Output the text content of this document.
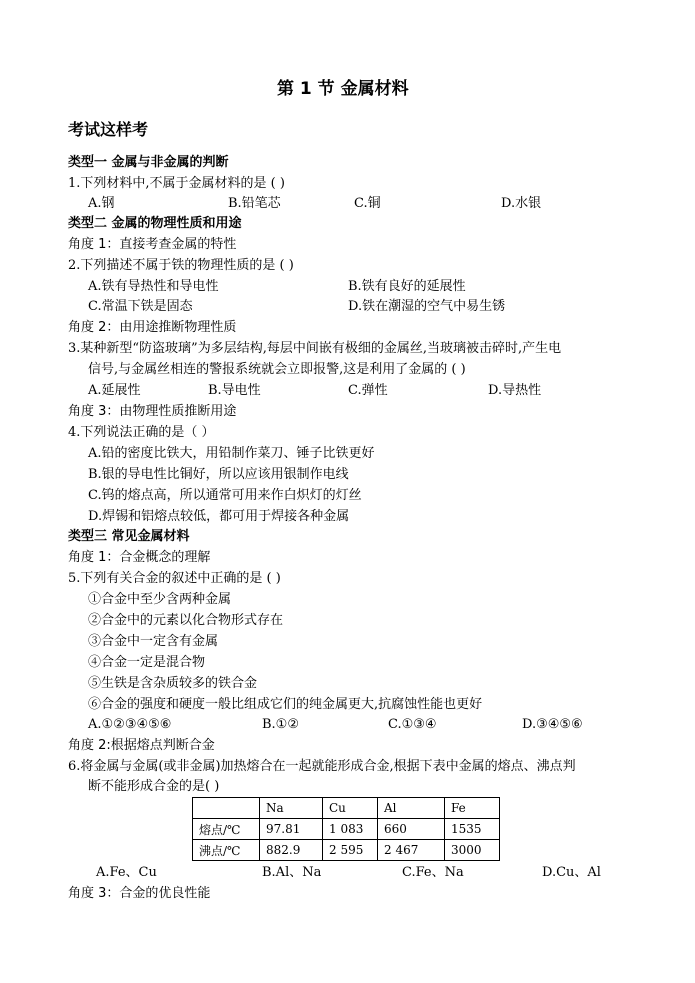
第 1 节 金属材料
考试这样考
类型一 金属与非金属的判断
1.下列材料中,不属于金属材料的是 ( )
A.钢	B.铅笔芯	C.铜	D.水银
类型二 金属的物理性质和用途
角度 1：直接考查金属的特性
2.下列描述不属于铁的物理性质的是 ( )
A.铁有导热性和导电性	B.铁有良好的延展性
C.常温下铁是固态	D.铁在潮湿的空气中易生锈
角度 2：由用途推断物理性质
3.某种新型“防盗玻璃”为多层结构,每层中间嵌有极细的金属丝,当玻璃被击碎时,产生电
信号,与金属丝相连的警报系统就会立即报警,这是利用了金属的 ( )
A.延展性	B.导电性	C.弹性	D.导热性
角度 3：由物理性质推断用途
4.下列说法正确的是（ ）
A.铅的密度比铁大，用铅制作菜刀、锤子比铁更好
B.银的导电性比铜好，所以应该用银制作电线
C.钨的熔点高，所以通常可用来作白炽灯的灯丝
D.焊锡和铝熔点较低，都可用于焊接各种金属
类型三 常见金属材料
角度 1：合金概念的理解
5.下列有关合金的叙述中正确的是 ( )
①合金中至少含两种金属
②合金中的元素以化合物形式存在
③合金中一定含有金属
④合金一定是混合物
⑤生铁是含杂质较多的铁合金
⑥合金的强度和硬度一般比组成它们的纯金属更大,抗腐蚀性能也更好
A.①②③④⑤⑥	B.①②	C.①③④	D.③④⑤⑥
角度 2:根据熔点判断合金
6.将金属与金属(或非金属)加热熔合在一起就能形成合金,根据下表中金属的熔点、沸点判
断不能形成合金的是( )
	Na	Cu	Al	Fe
熔点/℃	97.81	1 083	660	1535
沸点/℃	882.9	2 595	2 467	3000
A.Fe、Cu	B.Al、Na	C.Fe、Na	D.Cu、Al
角度 3：合金的优良性能
